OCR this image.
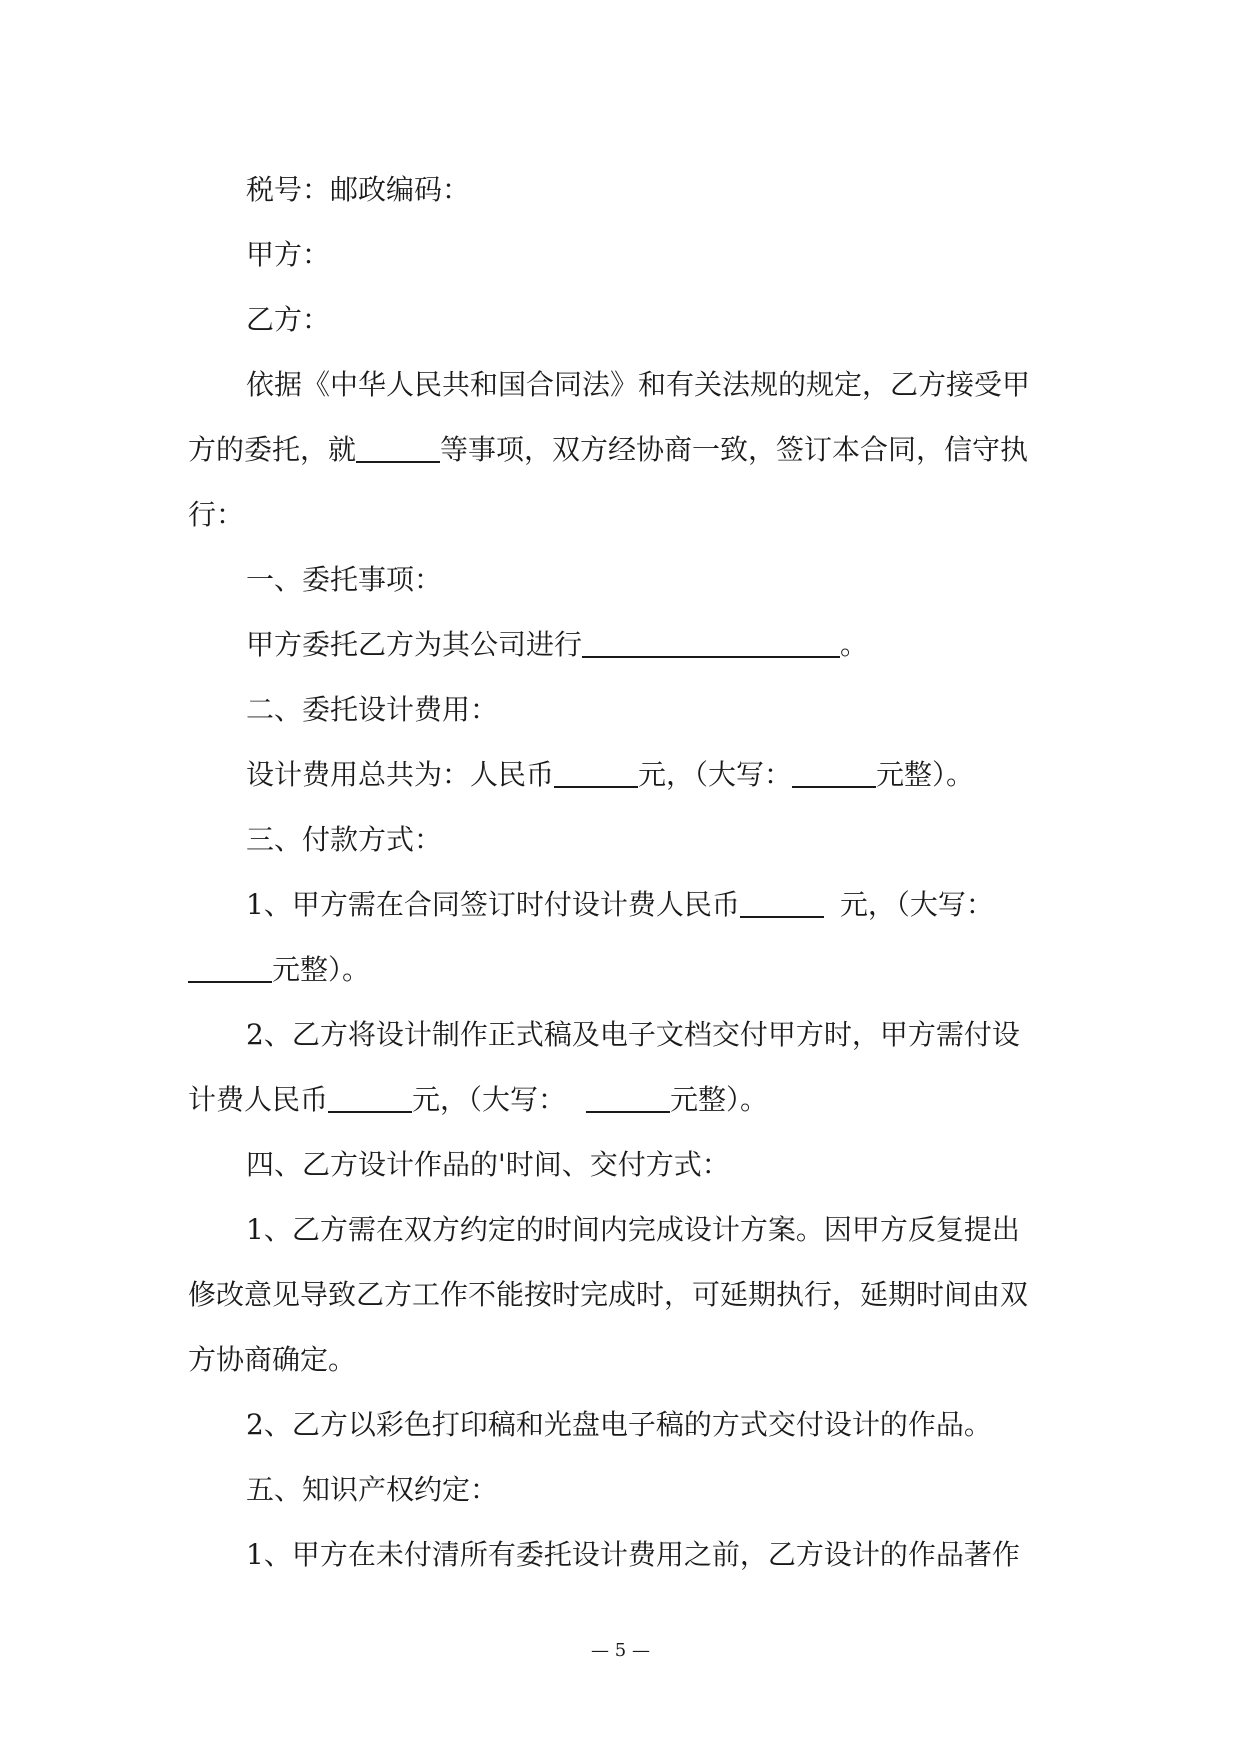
税号：邮政编码：
甲方：
乙方：
依据《中华人民共和国合同法》和有关法规的规定，乙方接受甲
方的委托，就	等事项，双方经协商一致，签订本合同，信守执
行：
一、委托事项：
甲方委托乙方为其公司进行	。
二、委托设计费用：
设计费用总共为：人民币	元，（大写：	元整）。
三、付款方式：
1、甲方需在合同签订时付设计费人民币	元，（大写：
元整）。
2、乙方将设计制作正式稿及电子文档交付甲方时，甲方需付设
计费人民币	元，（大写：	元整）。
四、乙方设计作品的'时间、交付方式：
1、乙方需在双方约定的时间内完成设计方案。因甲方反复提出
修改意见导致乙方工作不能按时完成时，可延期执行，延期时间由双
方协商确定。
2、乙方以彩色打印稿和光盘电子稿的方式交付设计的作品。
五、知识产权约定：
1、甲方在未付清所有委托设计费用之前，乙方设计的作品著作
— 5 —
